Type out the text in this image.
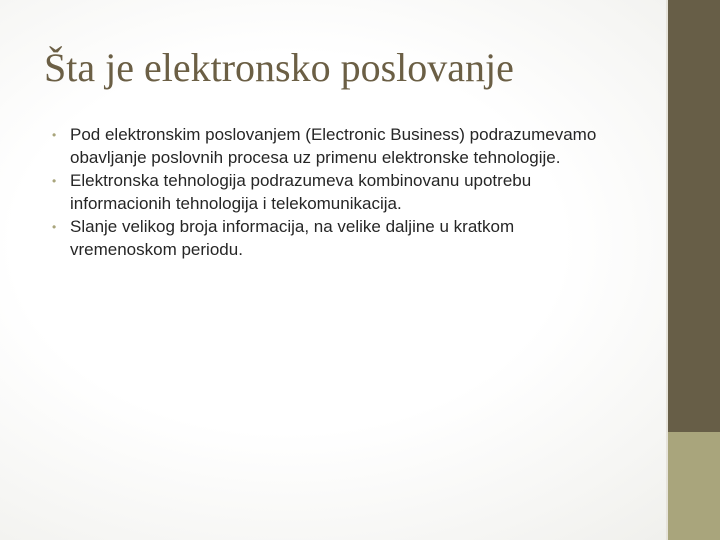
Šta je elektronsko poslovanje
• Pod elektronskim poslovanjem (Electronic Business) podrazumevamo obavljanje poslovnih procesa uz primenu elektronske tehnologije.
• Elektronska tehnologija podrazumeva kombinovanu upotrebu informacionih tehnologija i telekomunikacija.
• Slanje velikog broja informacija, na velike daljine u kratkom vremenoskom periodu.
